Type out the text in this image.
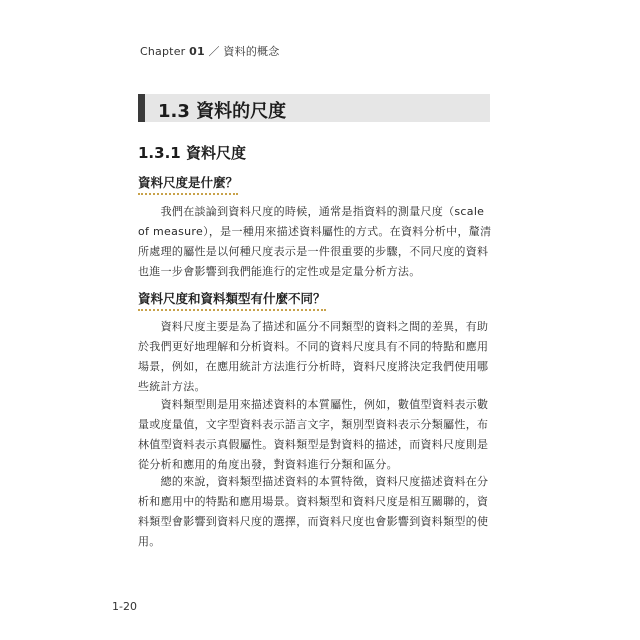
Chapter 01 ／ 資料的概念
1.3 資料的尺度
1.3.1 資料尺度
資料尺度是什麼？
　　我們在談論到資料尺度的時候，通常是指資料的測量尺度（scale
of measure），是一種用來描述資料屬性的方式。在資料分析中，釐清
所處理的屬性是以何種尺度表示是一件很重要的步驟，不同尺度的資料
也進一步會影響到我們能進行的定性或是定量分析方法。
資料尺度和資料類型有什麼不同？
　　資料尺度主要是為了描述和區分不同類型的資料之間的差異，有助
於我們更好地理解和分析資料。不同的資料尺度具有不同的特點和應用
場景，例如，在應用統計方法進行分析時，資料尺度將決定我們使用哪
些統計方法。
　　資料類型則是用來描述資料的本質屬性，例如，數值型資料表示數
量或度量值，文字型資料表示語言文字，類別型資料表示分類屬性，布
林值型資料表示真假屬性。資料類型是對資料的描述，而資料尺度則是
從分析和應用的角度出發，對資料進行分類和區分。
　　總的來說，資料類型描述資料的本質特徵，資料尺度描述資料在分
析和應用中的特點和應用場景。資料類型和資料尺度是相互關聯的，資
料類型會影響到資料尺度的選擇，而資料尺度也會影響到資料類型的使
用。
1-20
